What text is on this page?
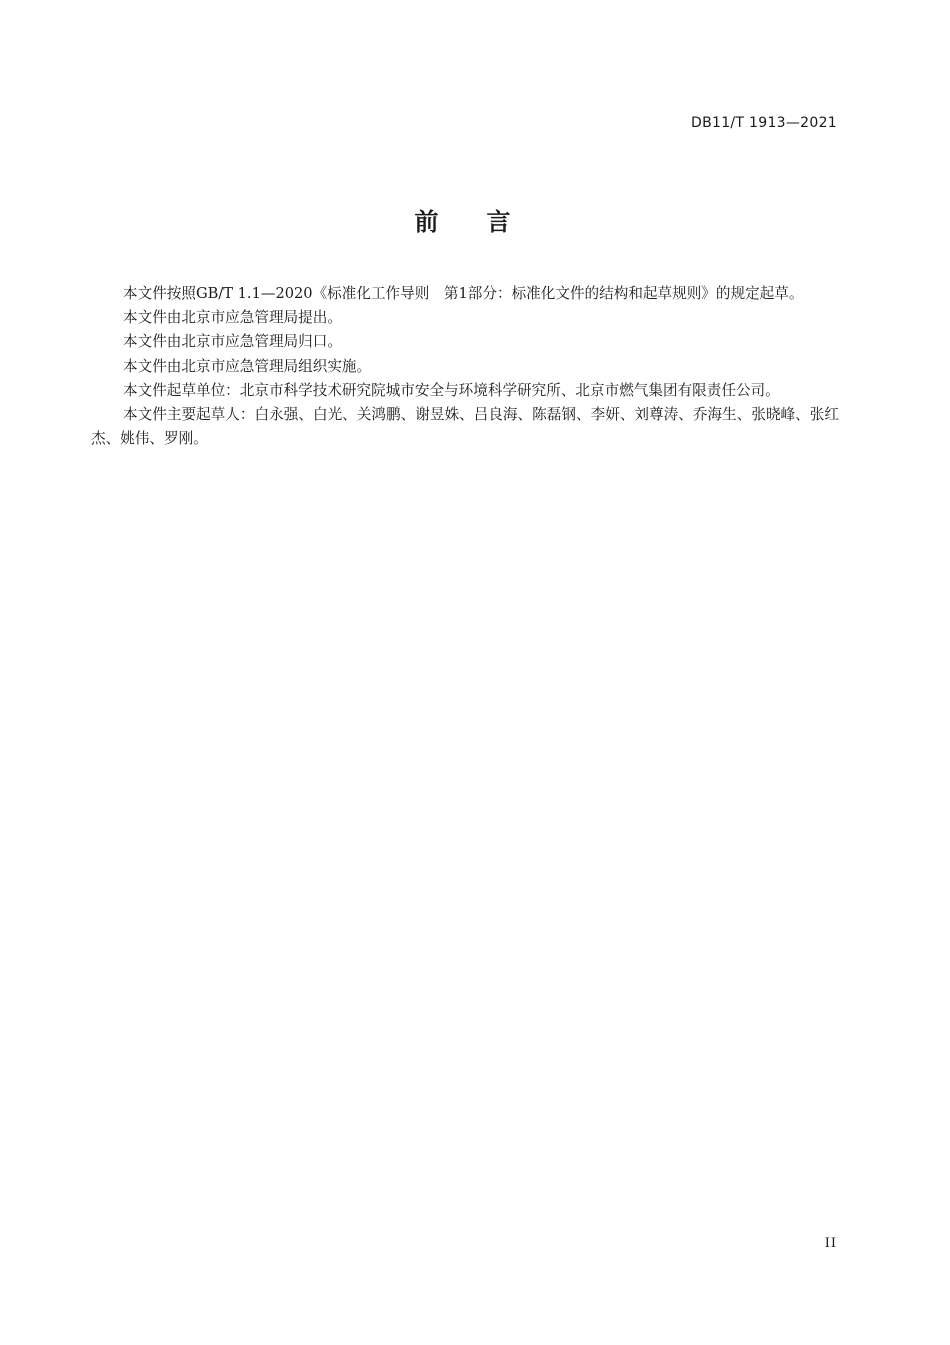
DB11/T 1913—2021
前 言

本文件按照GB/T 1.1—2020《标准化工作导则　第1部分：标准化文件的结构和起草规则》的规定起草。

本文件由北京市应急管理局提出。

本文件由北京市应急管理局归口。

本文件由北京市应急管理局组织实施。

本文件起草单位：北京市科学技术研究院城市安全与环境科学研究所、北京市燃气集团有限责任公司。

本文件主要起草人：白永强、白光、关鸿鹏、谢昱姝、吕良海、陈磊钢、李妍、刘尊涛、乔海生、张晓峰、张红杰、姚伟、罗刚。

II
